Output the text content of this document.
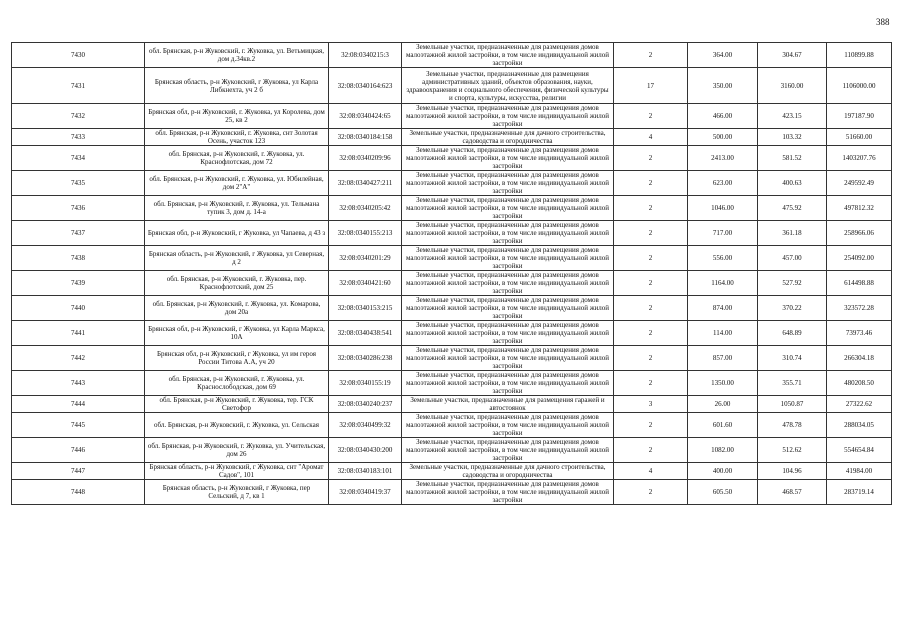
388
7430	обл. Брянская, р-н Жуковский, г. Жуковка, ул. Ветьмицкая, дом д.34кв.2	32:08:0340215:3	Земельные участки, предназначенные для размещения домов малоэтажной жилой застройки, в том числе индивидуальной жилой застройки	2	364.00	304.67	110899.88
7431	Брянская область, р-н Жуковский, г Жуковка, ул Карла Либкнехта, уч 2 б	32:08:0340164:623	Земельные участки, предназначенные для размещения административных зданий, объектов образования, науки, здравоохранения и социального обеспечения, физической культуры и спорта, культуры, искусства, религии	17	350.00	3160.00	1106000.00
7432	Брянская обл, р-н Жуковский, г. Жуковка, ул Королева, дом 25, кв 2	32:08:0340424:65	Земельные участки, предназначенные для размещения домов малоэтажной жилой застройки, в том числе индивидуальной жилой застройки	2	466.00	423.15	197187.90
7433	обл. Брянская, р-н Жуковский, г. Жуковка, снт Золотая Осень, участок 123	32:08:0340184:158	Земельные участки, предназначенные для дачного строительства, садоводства и огородничества	4	500.00	103.32	51660.00
7434	обл. Брянская, р-н Жуковский, г. Жуковка, ул. Краснофлотская, дом 72	32:08:0340209:96	Земельные участки, предназначенные для размещения домов малоэтажной жилой застройки, в том числе индивидуальной жилой застройки	2	2413.00	581.52	1403207.76
7435	обл. Брянская, р-н Жуковский, г. Жуковка, ул. Юбилейная, дом 2"А"	32:08:0340427:211	Земельные участки, предназначенные для размещения домов малоэтажной жилой застройки, в том числе индивидуальной жилой застройки	2	623.00	400.63	249592.49
7436	обл. Брянская, р-н Жуковский, г. Жуковка, ул. Тельмана тупик 3, дом д. 14-а	32:08:0340205:42	Земельные участки, предназначенные для размещения домов малоэтажной жилой застройки, в том числе индивидуальной жилой застройки	2	1046.00	475.92	497812.32
7437	Брянская обл, р-н Жуковский, г Жуковка, ул Чапаева, д 43 з	32:08:0340155:213	Земельные участки, предназначенные для размещения домов малоэтажной жилой застройки, в том числе индивидуальной жилой застройки	2	717.00	361.18	258966.06
7438	Брянская область, р-н Жуковский, г Жуковка, ул Северная, д 2	32:08:0340201:29	Земельные участки, предназначенные для размещения домов малоэтажной жилой застройки, в том числе индивидуальной жилой застройки	2	556.00	457.00	254092.00
7439	обл. Брянская, р-н Жуковский, г. Жуковка, пер. Краснофлотский, дом 25	32:08:0340421:60	Земельные участки, предназначенные для размещения домов малоэтажной жилой застройки, в том числе индивидуальной жилой застройки	2	1164.00	527.92	614498.88
7440	обл. Брянская, р-н Жуковский, г. Жуковка, ул. Комарова, дом 20а	32:08:0340153:215	Земельные участки, предназначенные для размещения домов малоэтажной жилой застройки, в том числе индивидуальной жилой застройки	2	874.00	370.22	323572.28
7441	Брянская обл, р-н Жуковский, г Жуковка, ул Карла Маркса, 10А	32:08:0340438:541	Земельные участки, предназначенные для размещения домов малоэтажной жилой застройки, в том числе индивидуальной жилой застройки	2	114.00	648.89	73973.46
7442	Брянская обл, р-н Жуковский, г Жуковка, ул им героя России Титова А.А, уч 20	32:08:0340286:238	Земельные участки, предназначенные для размещения домов малоэтажной жилой застройки, в том числе индивидуальной жилой застройки	2	857.00	310.74	266304.18
7443	обл. Брянская, р-н Жуковский, г. Жуковка, ул. Краснослободская, дом 69	32:08:0340155:19	Земельные участки, предназначенные для размещения домов малоэтажной жилой застройки, в том числе индивидуальной жилой застройки	2	1350.00	355.71	480208.50
7444	обл. Брянская, р-н Жуковский, г. Жуковка, тер. ГСК Светофор	32:08:0340240:237	Земельные участки, предназначенные для размещения гаражей и автостоянок	3	26.00	1050.87	27322.62
7445	обл. Брянская, р-н Жуковский, г. Жуковка, ул. Сельская	32:08:0340499:32	Земельные участки, предназначенные для размещения домов малоэтажной жилой застройки, в том числе индивидуальной жилой застройки	2	601.60	478.78	288034.05
7446	обл. Брянская, р-н Жуковский, г. Жуковка, ул. Учительская, дом 26	32:08:0340430:200	Земельные участки, предназначенные для размещения домов малоэтажной жилой застройки, в том числе индивидуальной жилой застройки	2	1082.00	512.62	554654.84
7447	Брянская область, р-н Жуковский, г Жуковка, снт "Аромат Садов", 101	32:08:0340183:101	Земельные участки, предназначенные для дачного строительства, садоводства и огородничества	4	400.00	104.96	41984.00
7448	Брянская область, р-н Жуковский, г Жуковка, пер Сельский, д 7, кв 1	32:08:0340419:37	Земельные участки, предназначенные для размещения домов малоэтажной жилой застройки, в том числе индивидуальной жилой застройки	2	605.50	468.57	283719.14
